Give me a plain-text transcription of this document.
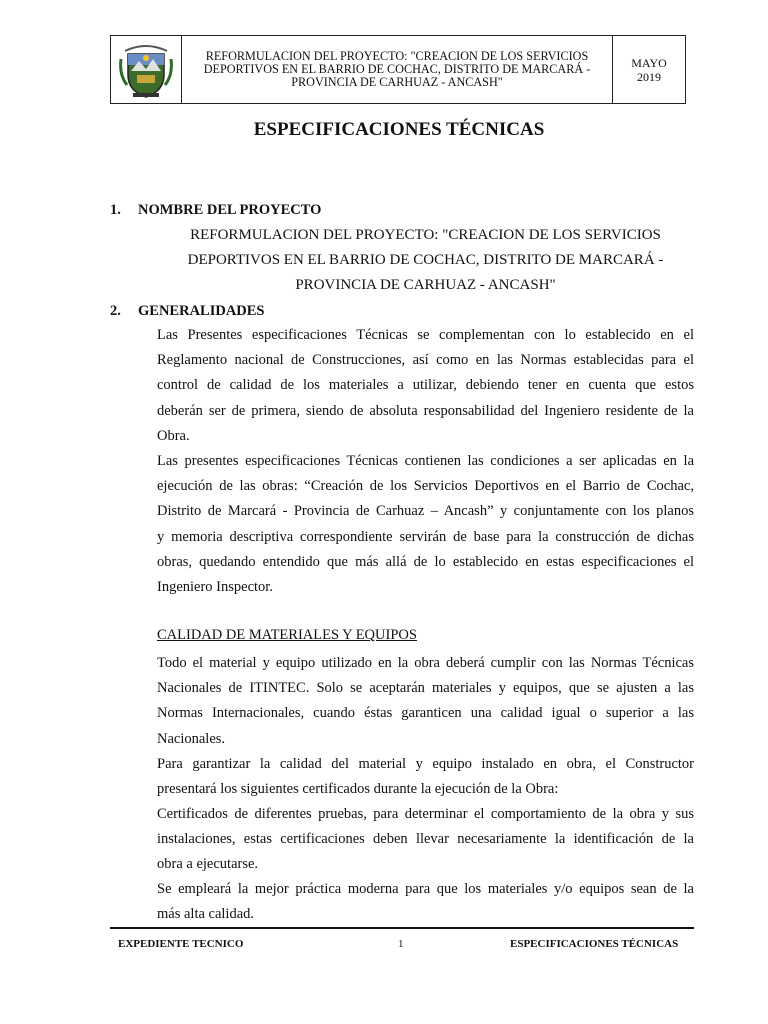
REFORMULACION DEL PROYECTO: "CREACION DE LOS SERVICIOS DEPORTIVOS EN EL BARRIO DE COCHAC, DISTRITO DE MARCARÁ - PROVINCIA DE CARHUAZ - ANCASH"
MAYO
2019
ESPECIFICACIONES TÉCNICAS
1. NOMBRE DEL PROYECTO
REFORMULACION DEL PROYECTO: "CREACION DE LOS SERVICIOS
DEPORTIVOS EN EL BARRIO DE COCHAC, DISTRITO DE MARCARÁ -
PROVINCIA DE CARHUAZ - ANCASH"
2. GENERALIDADES
Las Presentes especificaciones Técnicas se complementan con lo establecido en el
Reglamento nacional de Construcciones, así como en las Normas establecidas para el
control de calidad de los materiales a utilizar, debiendo tener en cuenta que estos
deberán ser de primera, siendo de absoluta responsabilidad del Ingeniero residente de la
Obra.
Las presentes especificaciones Técnicas contienen las condiciones a ser aplicadas en la
ejecución de las obras: “Creación de los Servicios Deportivos en el Barrio de Cochac,
Distrito de Marcará - Provincia de Carhuaz – Ancash” y conjuntamente con los planos
y memoria descriptiva correspondiente servirán de base para la construcción de dichas
obras, quedando entendido que más allá de lo establecido en estas especificaciones el
Ingeniero Inspector.
CALIDAD DE MATERIALES Y EQUIPOS
Todo el material y equipo utilizado en la obra deberá cumplir con las Normas Técnicas
Nacionales de ITINTEC. Solo se aceptarán materiales y equipos, que se ajusten a las
Normas Internacionales, cuando éstas garanticen una calidad igual o superior a las
Nacionales.
Para garantizar la calidad del material y equipo instalado en obra, el Constructor
presentará los siguientes certificados durante la ejecución de la Obra:
Certificados de diferentes pruebas, para determinar el comportamiento de la obra y sus
instalaciones, estas certificaciones deben llevar necesariamente la identificación de la
obra a ejecutarse.
Se empleará la mejor práctica moderna para que los materiales y/o equipos sean de la
más alta calidad.
EXPEDIENTE TECNICO	1	ESPECIFICACIONES TÉCNICAS
